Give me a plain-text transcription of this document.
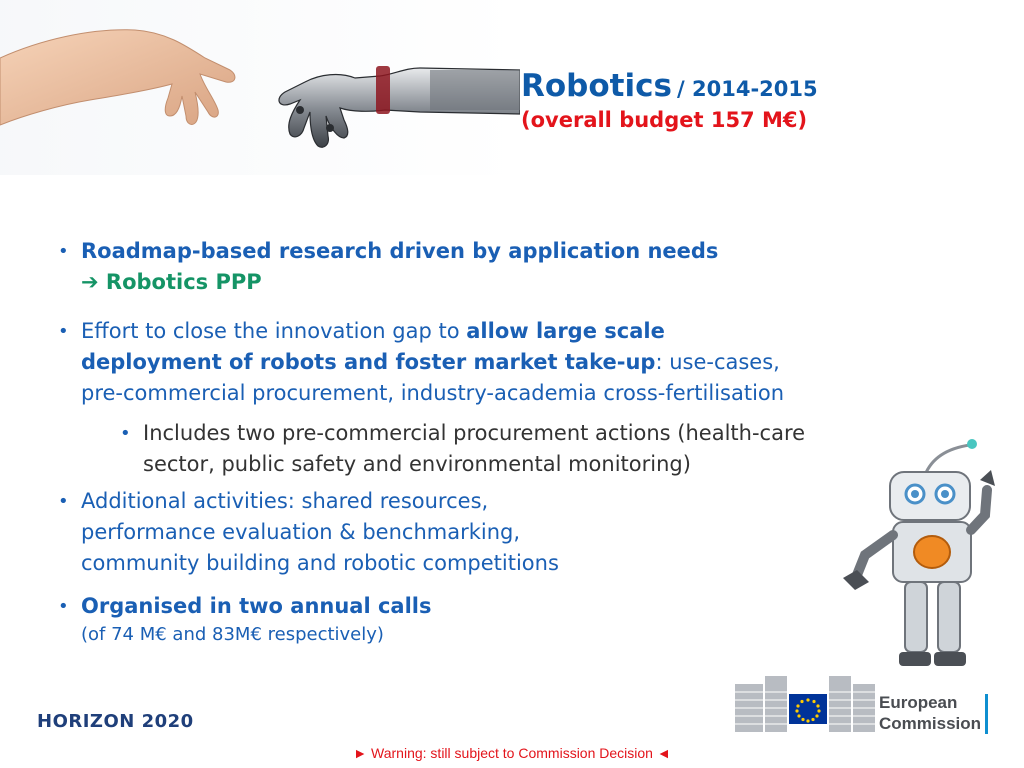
Robotics / 2014-2015
(overall budget 157 M€)
• Roadmap-based research driven by application needs
➔ Robotics PPP
• Effort to close the innovation gap to allow large scale
deployment of robots and foster market take-up: use-cases,
pre-commercial procurement, industry-academia cross-fertilisation
• Includes two pre-commercial procurement actions (health-care
sector, public safety and environmental monitoring)
• Additional activities: shared resources,
performance evaluation & benchmarking,
community building and robotic competitions
• Organised in two annual calls
(of 74 M€ and 83M€ respectively)
HORIZON 2020
European
Commission
► Warning: still subject to Commission Decision ◄
